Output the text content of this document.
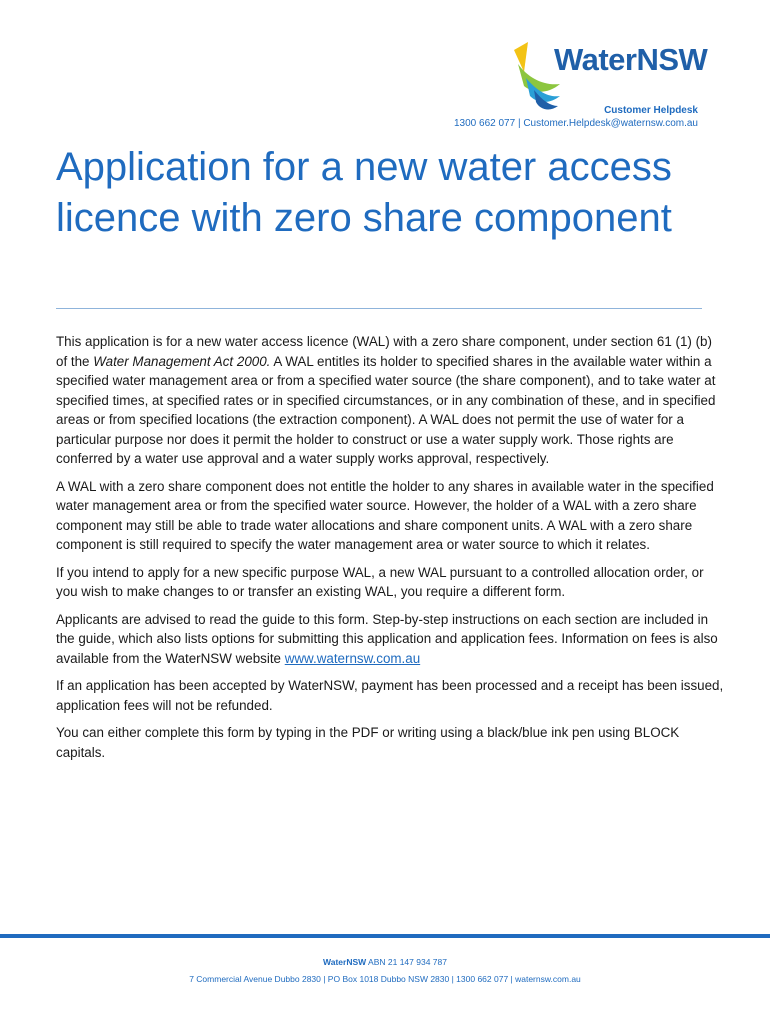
WaterNSW
Customer Helpdesk
1300 662 077 | Customer.Helpdesk@waternsw.com.au
Application for a new water access licence with zero share component

This application is for a new water access licence (WAL) with a zero share component, under section 61 (1) (b) of the Water Management Act 2000. A WAL entitles its holder to specified shares in the available water within a specified water management area or from a specified water source (the share component), and to take water at specified times, at specified rates or in specified circumstances, or in any combination of these, and in specified areas or from specified locations (the extraction component). A WAL does not permit the use of water for a particular purpose nor does it permit the holder to construct or use a water supply work. Those rights are conferred by a water use approval and a water supply works approval, respectively.

A WAL with a zero share component does not entitle the holder to any shares in available water in the specified water management area or from the specified water source. However, the holder of a WAL with a zero share component may still be able to trade water allocations and share component units. A WAL with a zero share component is still required to specify the water management area or water source to which it relates.

If you intend to apply for a new specific purpose WAL, a new WAL pursuant to a controlled allocation order, or you wish to make changes to or transfer an existing WAL, you require a different form.

Applicants are advised to read the guide to this form. Step-by-step instructions on each section are included in the guide, which also lists options for submitting this application and application fees. Information on fees is also available from the WaterNSW website www.waternsw.com.au

If an application has been accepted by WaterNSW, payment has been processed and a receipt has been issued, application fees will not be refunded.

You can either complete this form by typing in the PDF or writing using a black/blue ink pen using BLOCK capitals.

WaterNSW ABN 21 147 934 787
7 Commercial Avenue Dubbo 2830 | PO Box 1018 Dubbo NSW 2830 | 1300 662 077 | waternsw.com.au
